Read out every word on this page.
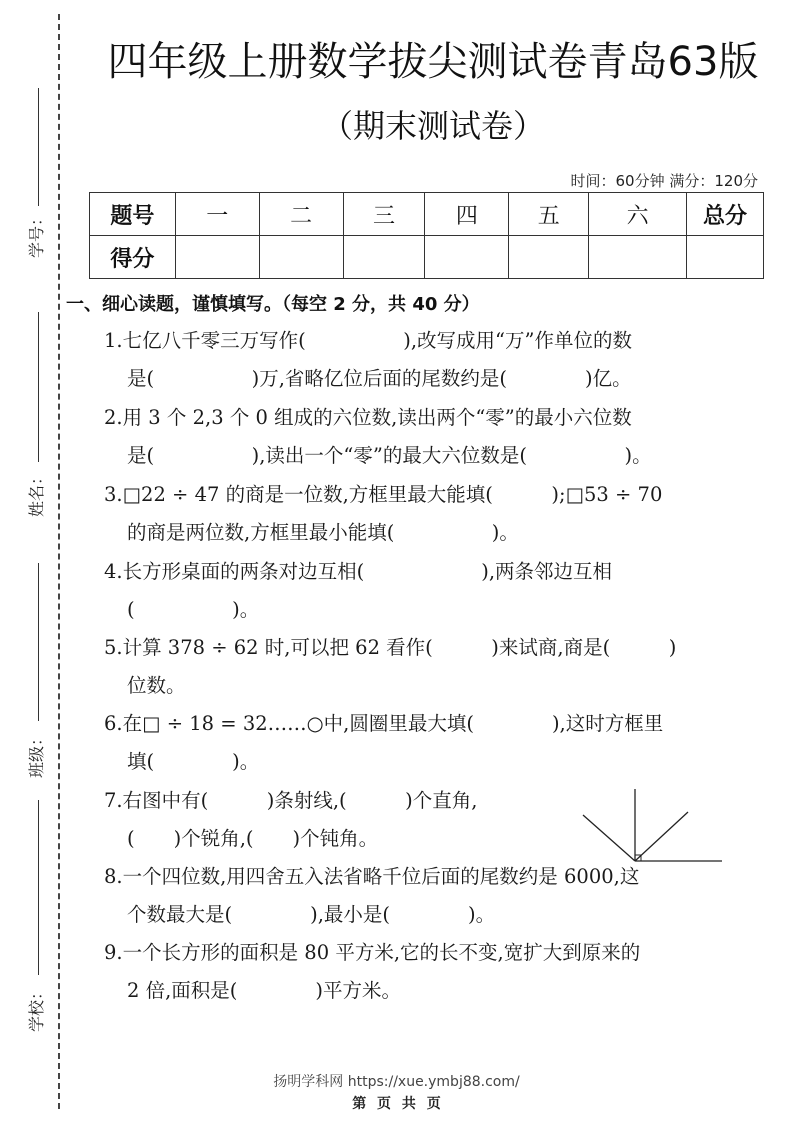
学号：
姓名：
班级：
学校：
四年级上册数学拔尖测试卷青岛63版
（期末测试卷）
时间：60分钟 满分：120分
题号	一	二	三	四	五	六	总分
得分							
一、细心读题，谨慎填写。（每空 2 分，共 40 分）
1.七亿八千零三万写作(　　　　　),改写成用“万”作单位的数
是(　　　　　)万,省略亿位后面的尾数约是(　　　　)亿。
2.用 3 个 2,3 个 0 组成的六位数,读出两个“零”的最小六位数
是(　　　　　),读出一个“零”的最大六位数是(　　　　　)。
3.□22 ÷ 47 的商是一位数,方框里最大能填(　　　);□53 ÷ 70
的商是两位数,方框里最小能填(　　　　　)。
4.长方形桌面的两条对边互相(　　　　　　),两条邻边互相
(　　　　　)。
5.计算 378 ÷ 62 时,可以把 62 看作(　　　)来试商,商是(　　　)
位数。
6.在□ ÷ 18 = 32……○中,圆圈里最大填(　　　　),这时方框里
填(　　　　)。
7.右图中有(　　　)条射线,(　　　)个直角,
(　　)个锐角,(　　)个钝角。
8.一个四位数,用四舍五入法省略千位后面的尾数约是 6000,这
个数最大是(　　　　),最小是(　　　　)。
9.一个长方形的面积是 80 平方米,它的长不变,宽扩大到原来的
2 倍,面积是(　　　　)平方米。
扬明学科网 https://xue.ymbj88.com/
第 页 共 页
